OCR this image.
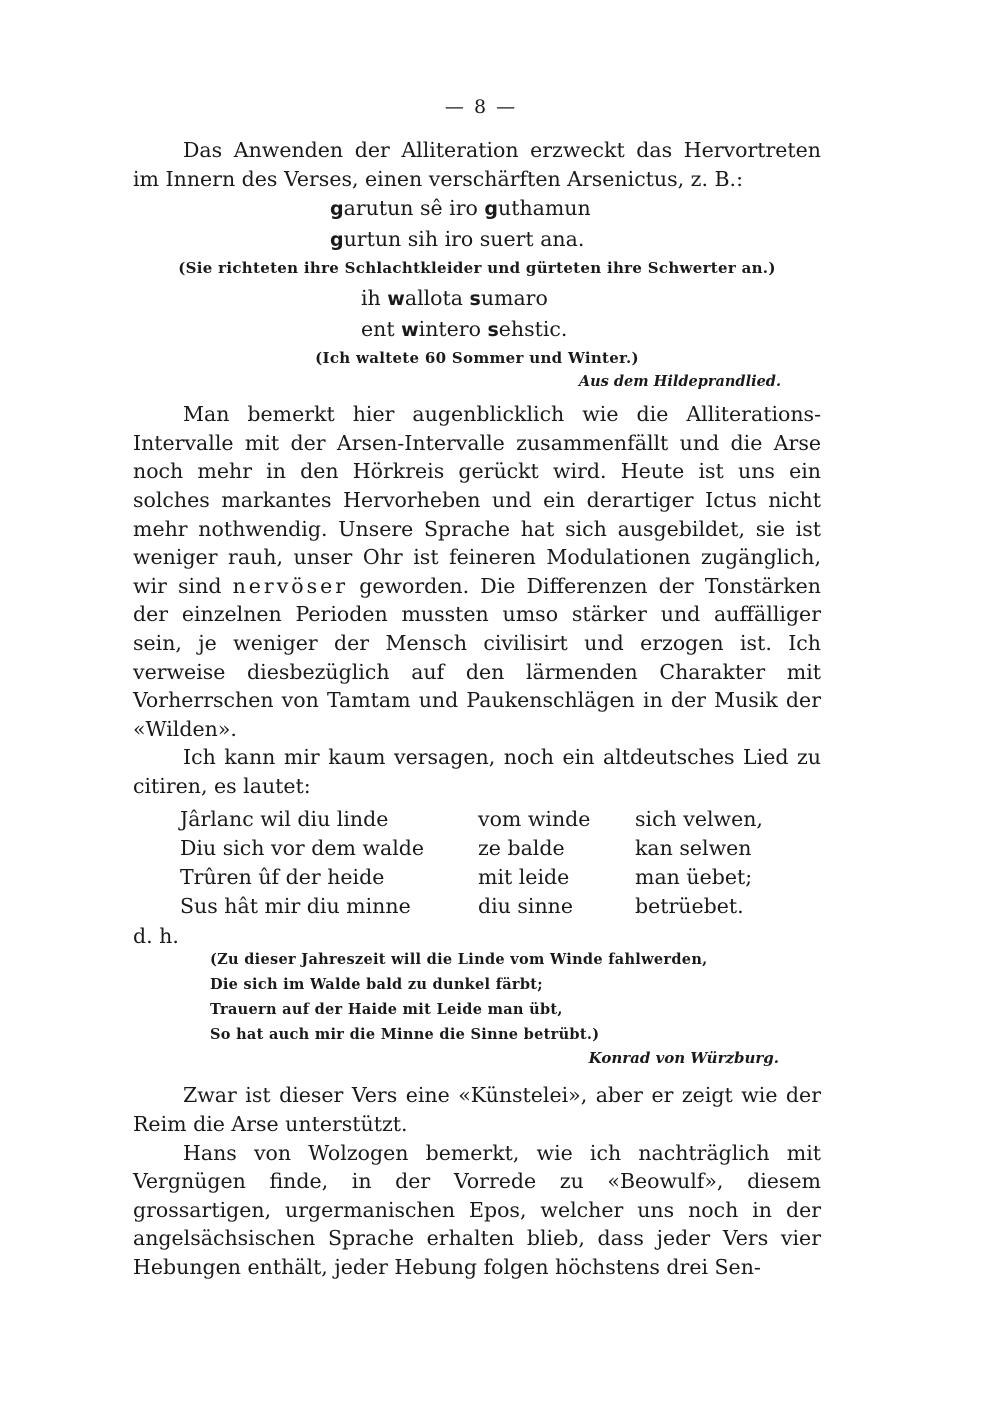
— 8 —

Das Anwenden der Alliteration erzweckt das Hervortreten im Innern des Verses, einen verschärften Arsenictus, z. B.:

garutun sê iro guthamun
gurtun sih iro suert ana.
(Sie richteten ihre Schlachtkleider und gürteten ihre Schwerter an.)
ih wallota sumaro
ent wintero sehstic.
(Ich waltete 60 Sommer und Winter.)
Aus dem Hildeprandlied.

Man bemerkt hier augenblicklich wie die Alliterations-Intervalle mit der Arsen-Intervalle zusammenfällt und die Arse noch mehr in den Hörkreis gerückt wird. Heute ist uns ein solches markantes Hervorheben und ein derartiger Ictus nicht mehr nothwendig. Unsere Sprache hat sich ausgebildet, sie ist weniger rauh, unser Ohr ist feineren Modulationen zugänglich, wir sind nervöser geworden. Die Differenzen der Tonstärken der einzelnen Perioden mussten umso stärker und auffälliger sein, je weniger der Mensch civilisirt und erzogen ist. Ich verweise diesbezüglich auf den lärmenden Charakter mit Vorherrschen von Tamtam und Paukenschlägen in der Musik der «Wilden».

Ich kann mir kaum versagen, noch ein altdeutsches Lied zu citiren, es lautet:

Jârlanc wil diu linde	vom winde	sich velwen,
Diu sich vor dem walde	ze balde	kan selwen
Trûren ûf der heide	mit leide	man üebet;
Sus hât mir diu minne	diu sinne	betrüebet.
d. h.
(Zu dieser Jahreszeit will die Linde vom Winde fahlwerden,
Die sich im Walde bald zu dunkel färbt;
Trauern auf der Haide mit Leide man übt,
So hat auch mir die Minne die Sinne betrübt.)
Konrad von Würzburg.

Zwar ist dieser Vers eine «Künstelei», aber er zeigt wie der Reim die Arse unterstützt.

Hans von Wolzogen bemerkt, wie ich nachträglich mit Vergnügen finde, in der Vorrede zu «Beowulf», diesem grossartigen, urgermanischen Epos, welcher uns noch in der angelsächsischen Sprache erhalten blieb, dass jeder Vers vier Hebungen enthält, jeder Hebung folgen höchstens drei Sen-
